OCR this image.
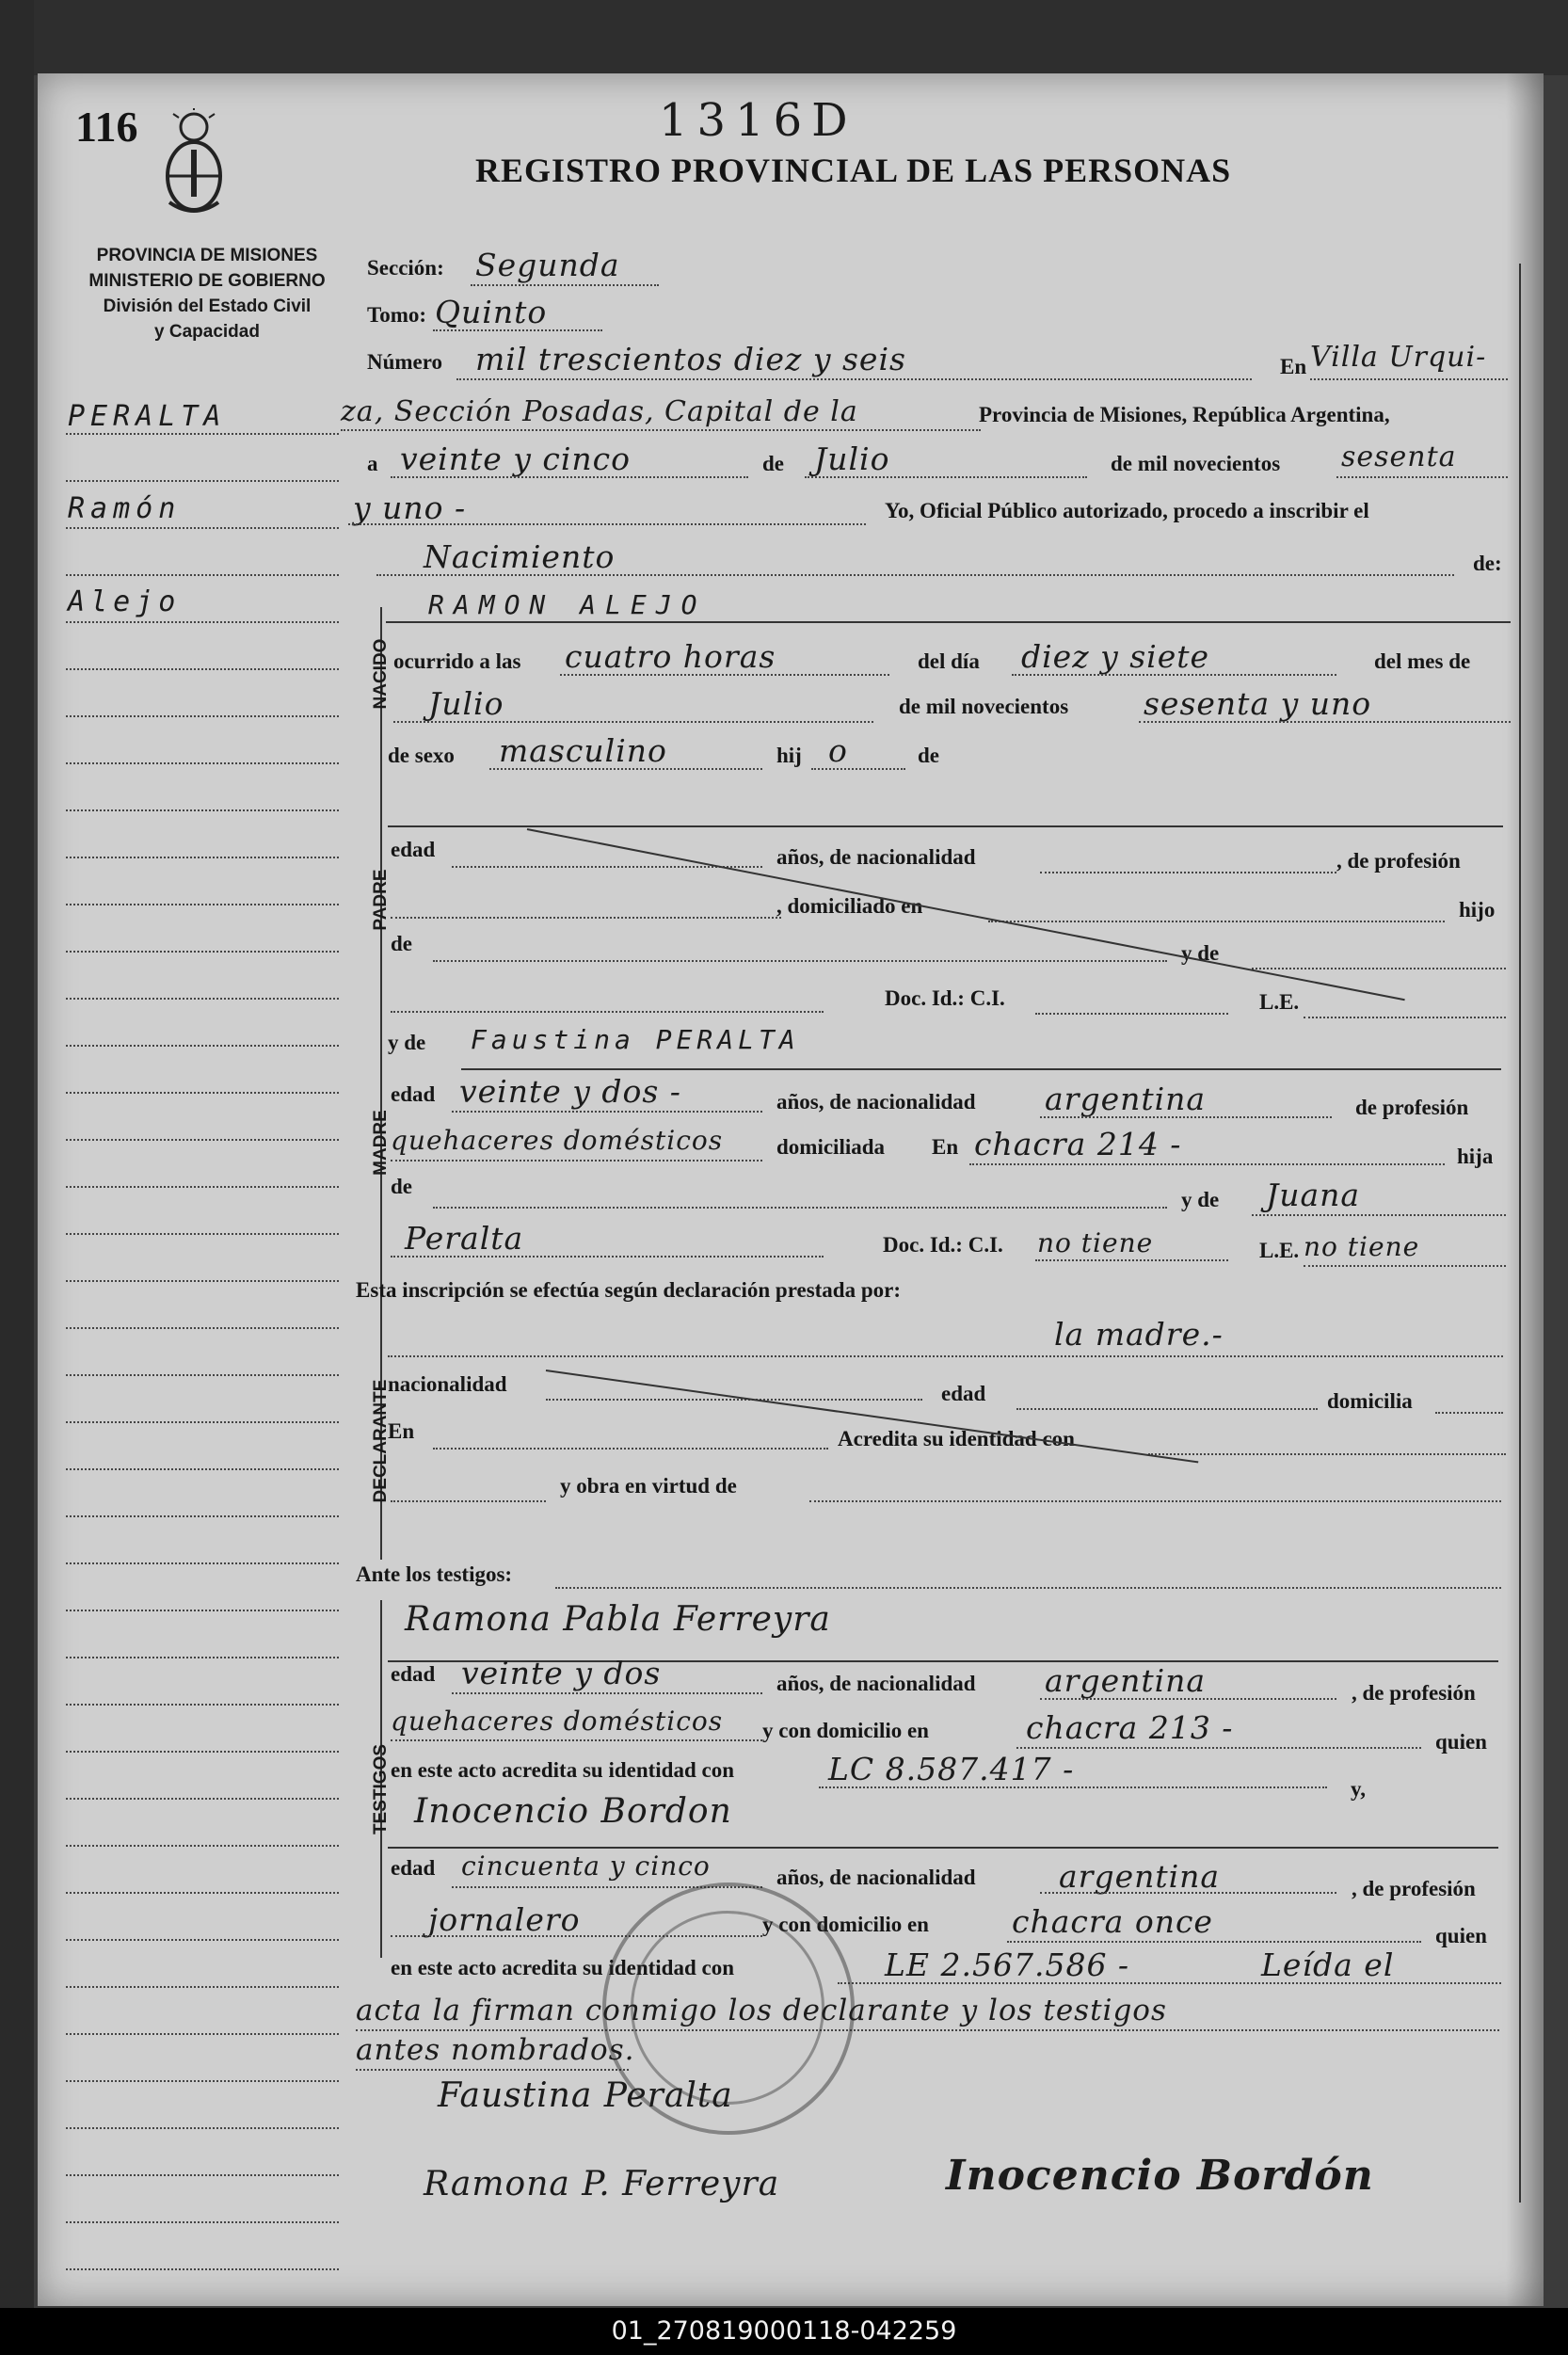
116	1316D
REGISTRO PROVINCIAL DE LAS PERSONAS
PROVINCIA DE MISIONES
MINISTERIO DE GOBIERNO
División del Estado Civil
y Capacidad
PERALTA
Ramón
Alejo
NACIDO
PADRE
MADRE
DECLARANTE
TESTIGOS
Sección: Segunda
Tomo: Quinto
Número mil trescientos diez y seis	En Villa Urqui-
za, Sección Posadas, Capital de la	Provincia de Misiones, República Argentina,
a veinte y cinco	de Julio	de mil novecientos sesenta
y uno -	Yo, Oficial Público autorizado, procedo a inscribir el
Nacimiento	de:
RAMON ALEJO
ocurrido a las cuatro horas	del día diez y siete	del mes de
Julio	de mil novecientos sesenta y uno
de sexo masculino	hij o	de
edad	años, de nacionalidad	, de profesión
, domiciliado en	hijo
de	y de
Doc. Id.: C.I.	L.E.
y de Faustina PERALTA
edad veinte y dos -	años, de nacionalidad argentina	de profesión
quehaceres domésticos domiciliada En chacra 214 -	hija
de
y de Juana
Peralta	Doc. Id.: C.I. no tiene	L.E. no tiene
Esta inscripción se efectúa según declaración prestada por:
la madre.-
nacionalidad	edad	domicilia
En	Acredita su identidad con
y obra en virtud de
Ante los testigos:
Ramona Pabla Ferreyra
edad veinte y dos	años, de nacionalidad argentina	, de profesión
quehaceres domésticos y con domicilio en	chacra 213 -	quien
en este acto acredita su identidad con	LC 8.587.417 -
y,
Inocencio Bordon
edad cincuenta y cinco	años, de nacionalidad	argentina	, de profesión
jornalero	y con domicilio en	chacra once	quien
en este acto acredita su identidad con	LE 2.567.586 -	Leída el
acta la firman conmigo los declarante y los testigos
antes nombrados.
Faustina Peralta
Ramona P. Ferreyra	Inocencio Bordón
01_270819000118-042259
